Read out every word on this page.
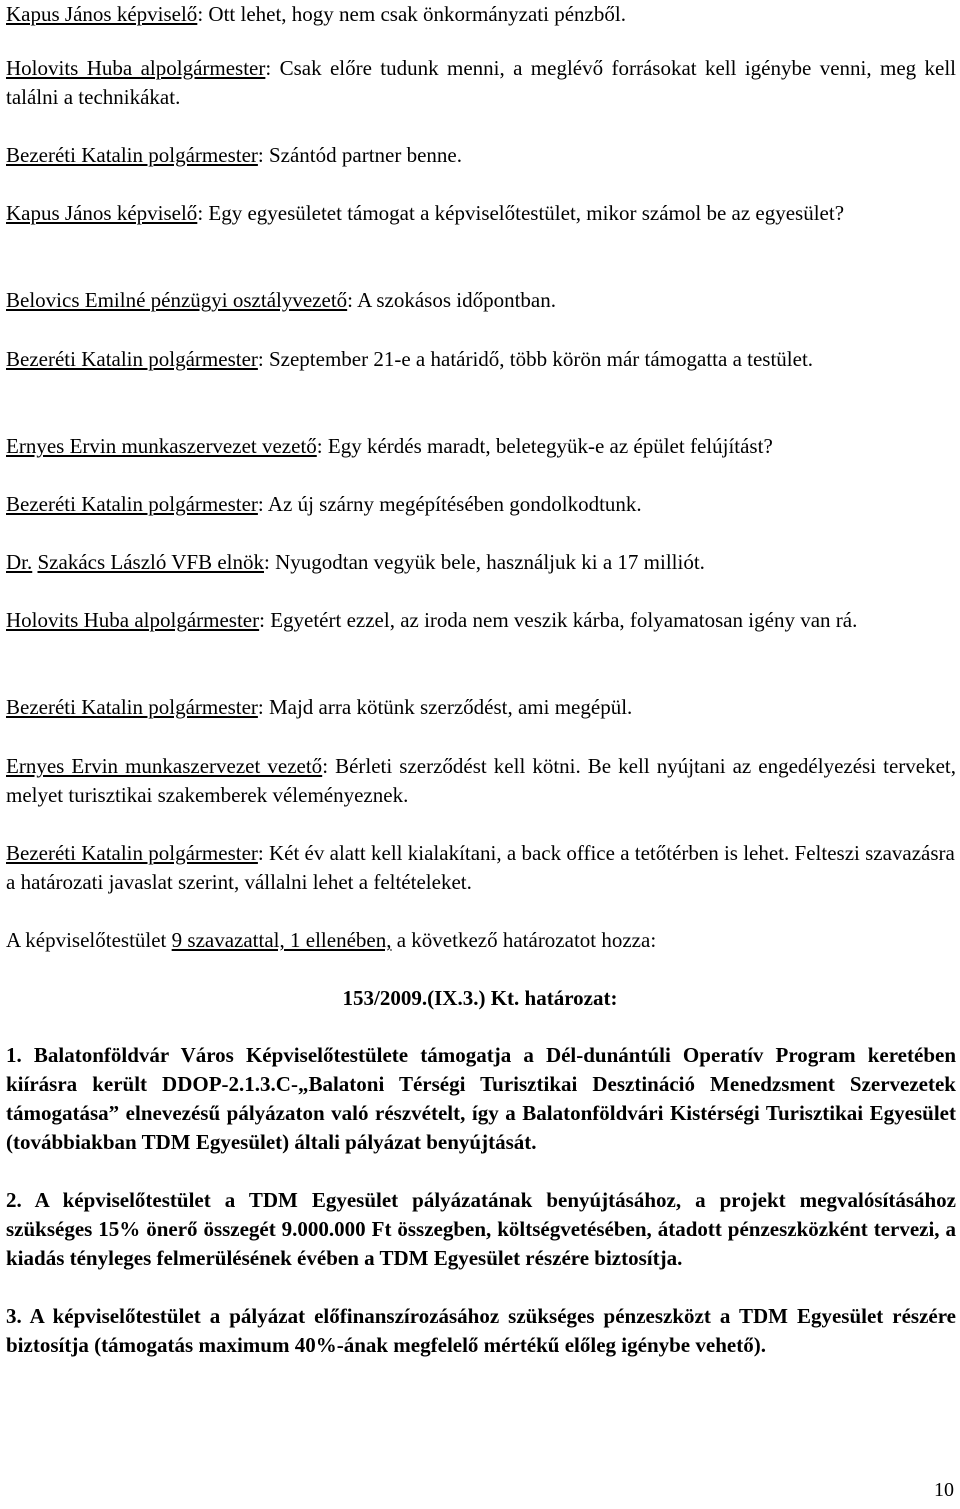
Kapus János képviselő: Ott lehet, hogy nem csak önkormányzati pénzből.

Holovits Huba alpolgármester: Csak előre tudunk menni, a meglévő forrásokat kell igénybe venni, meg kell találni a technikákat.

Bezeréti Katalin polgármester: Szántód partner benne.

Kapus János képviselő: Egy egyesületet támogat a képviselőtestület, mikor számol be az egyesület?

Belovics Emilné pénzügyi osztályvezető: A szokásos időpontban.

Bezeréti Katalin polgármester: Szeptember 21-e a határidő, több körön már támogatta a testület.

Ernyes Ervin munkaszervezet vezető: Egy kérdés maradt, beletegyük-e az épület felújítást?

Bezeréti Katalin polgármester: Az új szárny megépítésében gondolkodtunk.

Dr. Szakács László VFB elnök: Nyugodtan vegyük bele, használjuk ki a 17 milliót.

Holovits Huba alpolgármester: Egyetért ezzel, az iroda nem veszik kárba, folyamatosan igény van rá.

Bezeréti Katalin polgármester: Majd arra kötünk szerződést, ami megépül.

Ernyes Ervin munkaszervezet vezető: Bérleti szerződést kell kötni. Be kell nyújtani az engedélyezési terveket, melyet turisztikai szakemberek véleményeznek.

Bezeréti Katalin polgármester: Két év alatt kell kialakítani, a back office a tetőtérben is lehet. Felteszi szavazásra a határozati javaslat szerint, vállalni lehet a feltételeket.

A képviselőtestület 9 szavazattal, 1 ellenében, a következő határozatot hozza:

153/2009.(IX.3.) Kt. határozat:

1. Balatonföldvár Város Képviselőtestülete támogatja a Dél-dunántúli Operatív Program keretében kiírásra került DDOP-2.1.3.C-„Balatoni Térségi Turisztikai Desztináció Menedzsment Szervezetek támogatása” elnevezésű pályázaton való részvételt, így a Balatonföldvári Kistérségi Turisztikai Egyesület (továbbiakban TDM Egyesület) általi pályázat benyújtását.

2. A képviselőtestület a TDM Egyesület pályázatának benyújtásához, a projekt megvalósításához szükséges 15% önerő összegét 9.000.000 Ft összegben, költségvetésében, átadott pénzeszközként tervezi, a kiadás tényleges felmerülésének évében a TDM Egyesület részére biztosítja.

3. A képviselőtestület a pályázat előfinanszírozásához szükséges pénzeszközt a TDM Egyesület részére biztosítja (támogatás maximum 40%-ának megfelelő mértékű előleg igénybe vehető).

10
